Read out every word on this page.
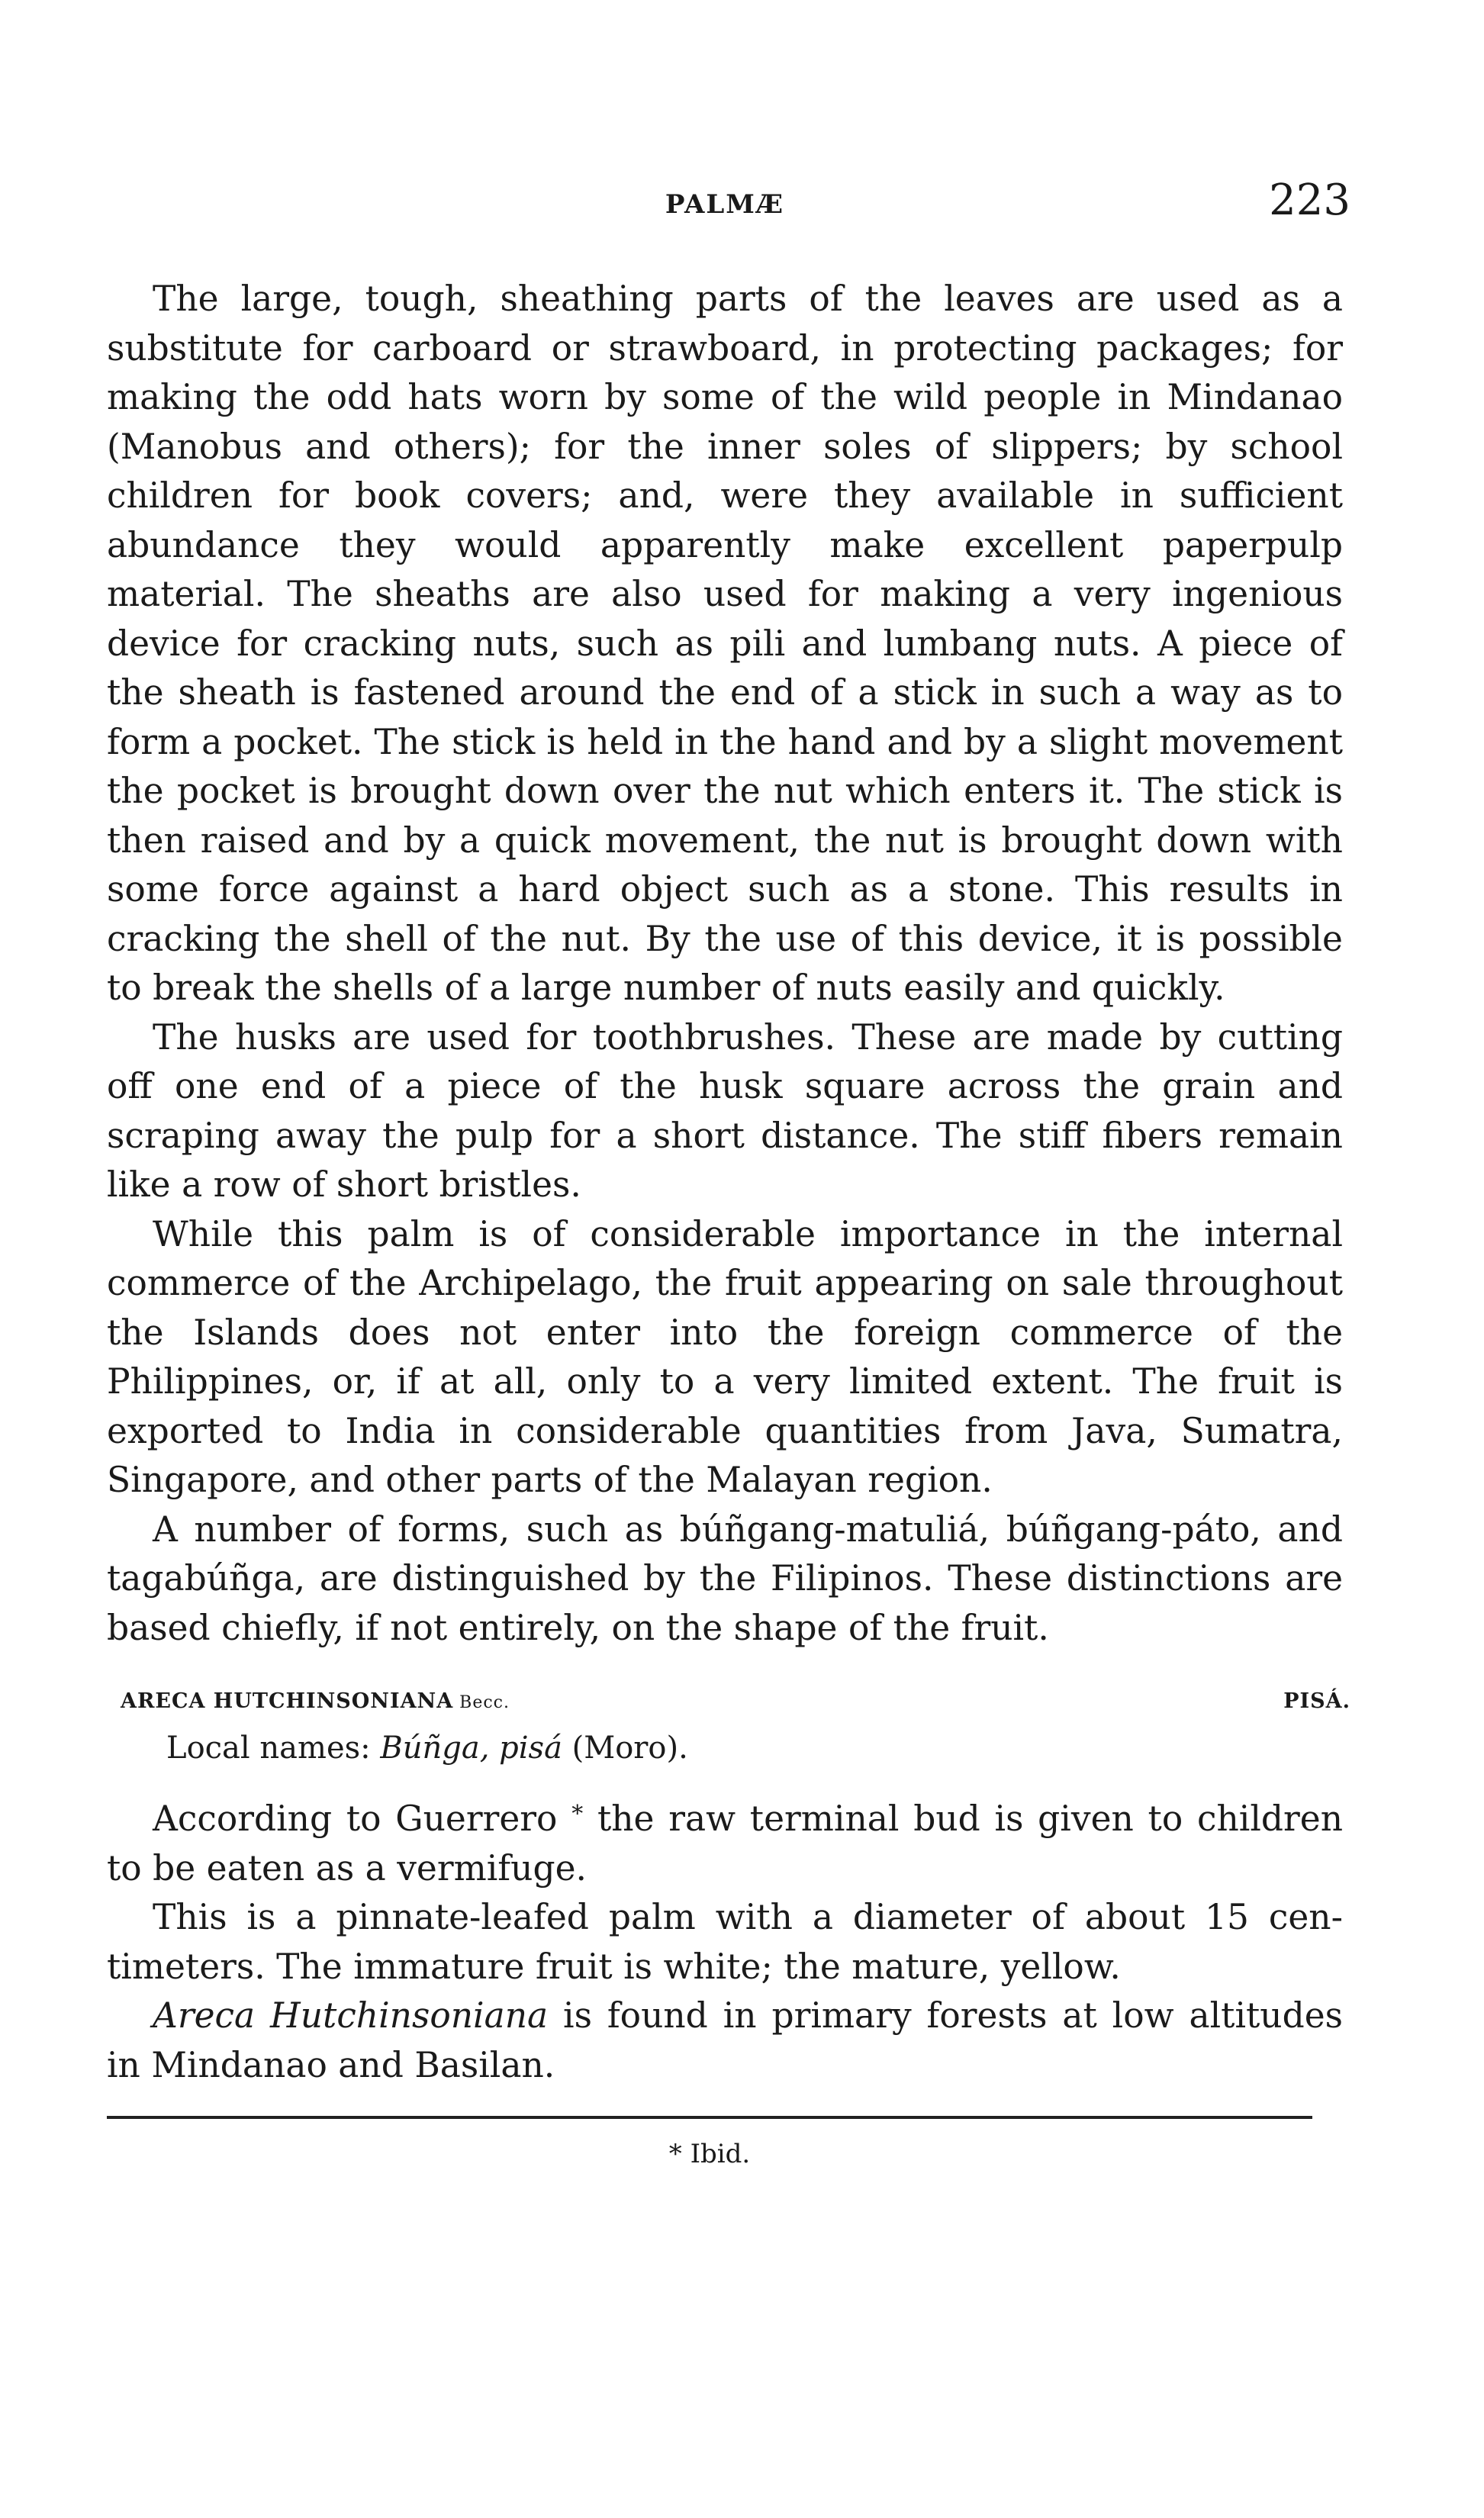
PALMÆ	223

The large, tough, sheathing parts of the leaves are used as a substitute for carboard or strawboard, in protecting packages; for making the odd hats worn by some of the wild people in Mindanao (Manobus and others); for the inner soles of slippers; by school children for book covers; and, were they available in sufficient abundance they would apparently make excellent paperpulp material. The sheaths are also used for making a very ingenious device for cracking nuts, such as pili and lumbang nuts. A piece of the sheath is fastened around the end of a stick in such a way as to form a pocket. The stick is held in the hand and by a slight movement the pocket is brought down over the nut which enters it. The stick is then raised and by a quick movement, the nut is brought down with some force against a hard object such as a stone. This results in cracking the shell of the nut. By the use of this device, it is possible to break the shells of a large number of nuts easily and quickly.

The husks are used for toothbrushes. These are made by cutting off one end of a piece of the husk square across the grain and scraping away the pulp for a short distance. The stiff fibers remain like a row of short bristles.

While this palm is of considerable importance in the internal commerce of the Archipelago, the fruit appearing on sale throughout the Islands does not enter into the foreign commerce of the Philippines, or, if at all, only to a very limited extent. The fruit is exported to India in considerable quantities from Java, Sumatra, Singapore, and other parts of the Malayan region.

A number of forms, such as búñgang-matuliá, búñgang-páto, and tagabúñga, are distinguished by the Filipinos. These distinctions are based chiefly, if not entirely, on the shape of the fruit.

ARECA HUTCHINSONIANA Becc.	PISÁ.
Local names: Búñga, pisá (Moro).

According to Guerrero * the raw terminal bud is given to children to be eaten as a vermifuge.

This is a pinnate-leafed palm with a diameter of about 15 centimeters. The immature fruit is white; the mature, yellow.

Areca Hutchinsoniana is found in primary forests at low altitudes in Mindanao and Basilan.

* Ibid.
